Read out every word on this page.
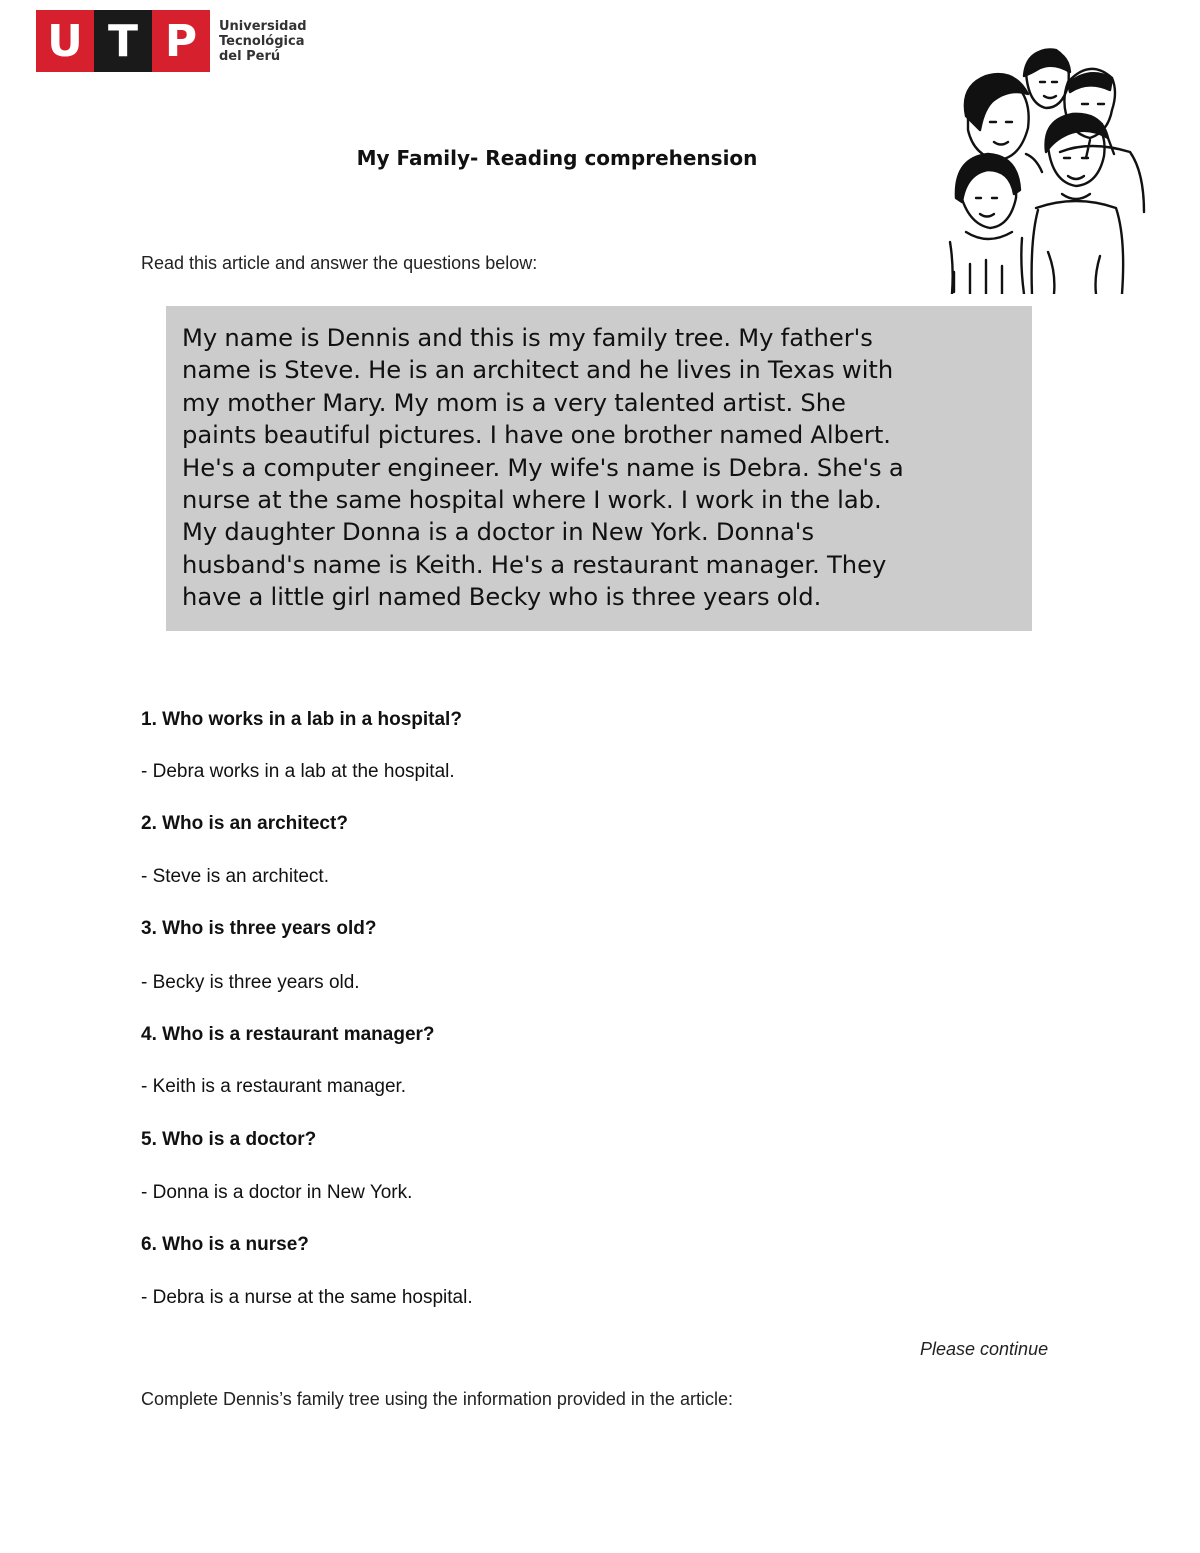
U T P	Universidad
Tecnológica
del Perú
My Family- Reading comprehension
Read this article and answer the questions below:
My name is Dennis and this is my family tree. My father's
name is Steve. He is an architect and he lives in Texas with
my mother Mary. My mom is a very talented artist. She
paints beautiful pictures. I have one brother named Albert.
He's a computer engineer. My wife's name is Debra. She's a
nurse at the same hospital where I work. I work in the lab.
My daughter Donna is a doctor in New York. Donna's
husband's name is Keith. He's a restaurant manager. They
have a little girl named Becky who is three years old.
1. Who works in a lab in a hospital?
- Debra works in a lab at the hospital.
2. Who is an architect?
- Steve is an architect.
3. Who is three years old?
- Becky is three years old.
4. Who is a restaurant manager?
- Keith is a restaurant manager.
5. Who is a doctor?
- Donna is a doctor in New York.
6. Who is a nurse?
- Debra is a nurse at the same hospital.
Please continue
Complete Dennis’s family tree using the information provided in the article:
